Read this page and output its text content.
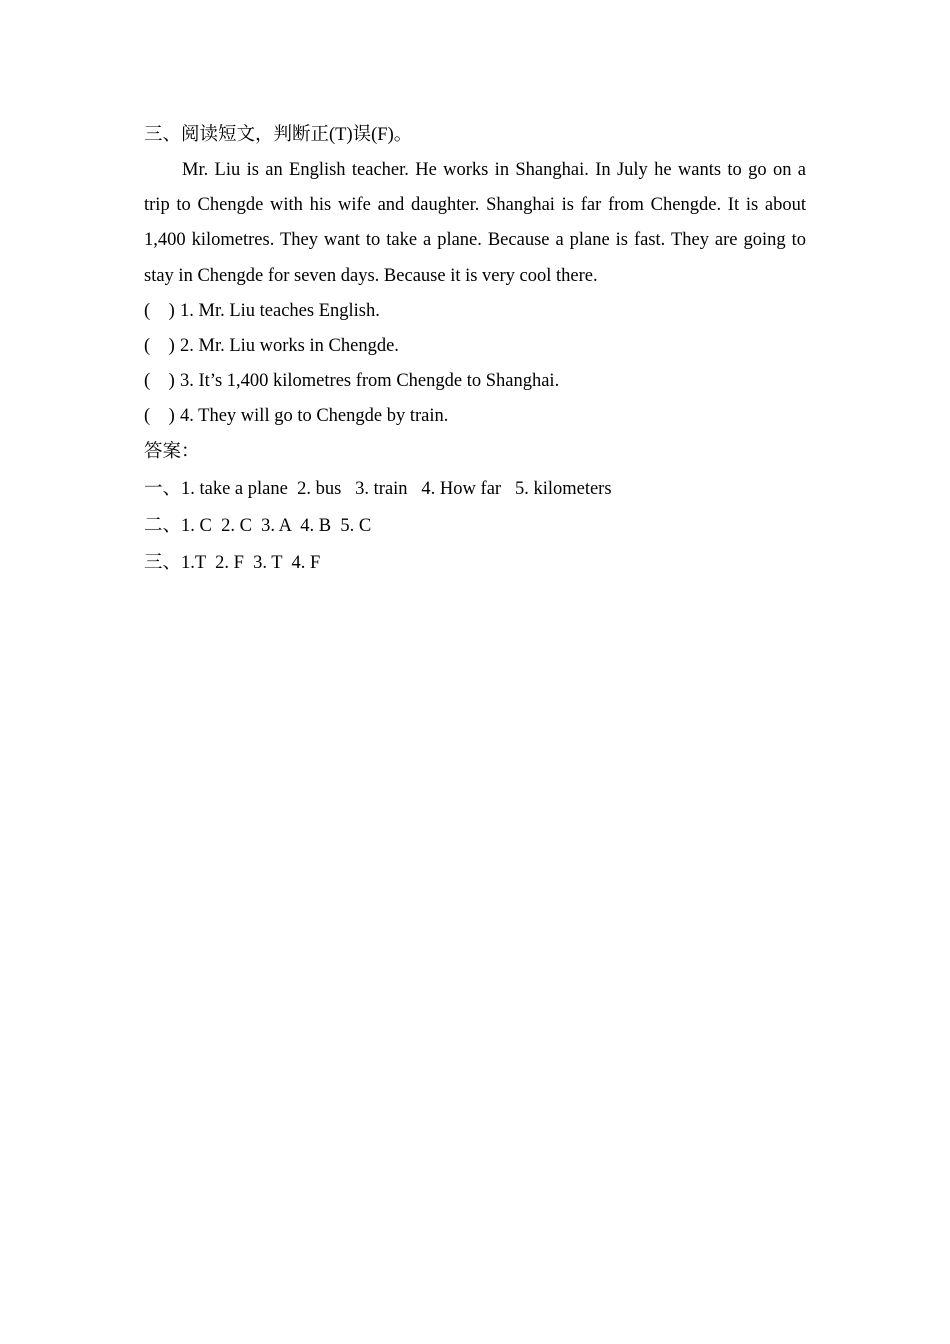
三、阅读短文，判断正(T)误(F)。
Mr. Liu is an English teacher. He works in Shanghai. In July he wants to go on a trip to Chengde with his wife and daughter. Shanghai is far from Chengde. It is about 1,400 kilometres. They want to take a plane. Because a plane is fast. They are going to stay in Chengde for seven days. Because it is very cool there.
(    ) 1. Mr. Liu teaches English.
(    ) 2. Mr. Liu works in Chengde.
(    ) 3. It’s 1,400 kilometres from Chengde to Shanghai.
(    ) 4. They will go to Chengde by train.
答案：
一、1. take a plane  2. bus   3. train   4. How far   5. kilometers
二、1. C  2. C  3. A  4. B  5. C
三、1.T  2. F  3. T  4. F
